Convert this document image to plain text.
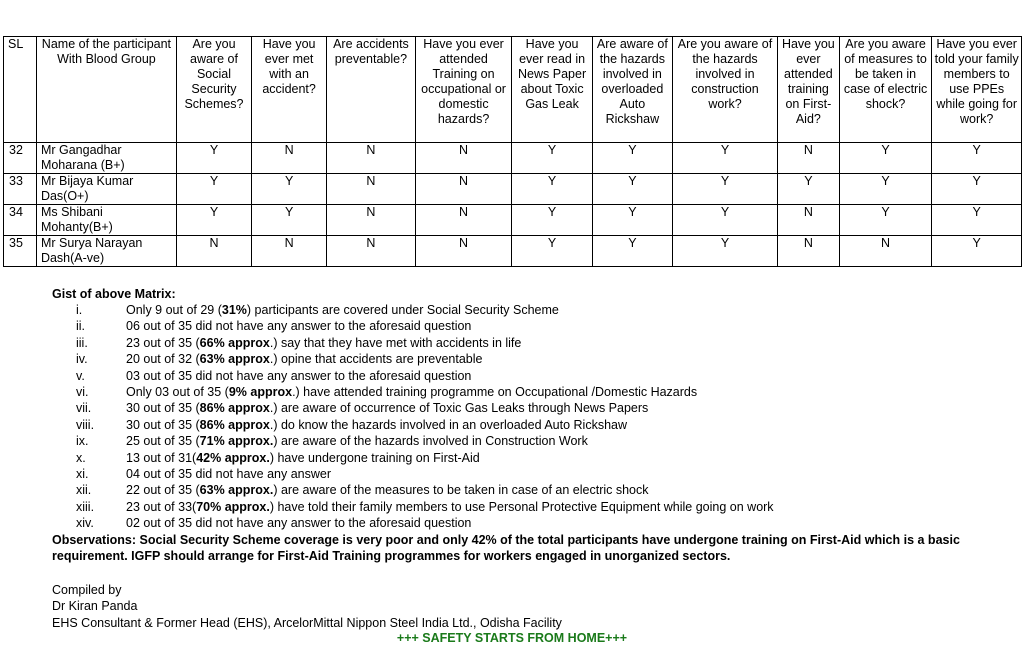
SL	Name of the participant With Blood Group	Are you aware of Social Security Schemes?	Have you ever met with an accident?	Are accidents preventable?	Have you ever attended Training on occupational or domestic hazards?	Have you ever read in News Paper about Toxic Gas Leak	Are aware of the hazards involved in overloaded Auto Rickshaw	Are you aware of the hazards involved in construction work?	Have you ever attended training on First-Aid?	Are you aware of measures to be taken in case of electric shock?	Have you ever told your family members to use PPEs while going for work?
32	Mr Gangadhar Moharana (B+)	Y	N	N	N	Y	Y	Y	N	Y	Y
33	Mr Bijaya Kumar Das(O+)	Y	Y	N	N	Y	Y	Y	Y	Y	Y
34	Ms Shibani Mohanty(B+)	Y	Y	N	N	Y	Y	Y	N	Y	Y
35	Mr Surya Narayan Dash(A-ve)	N	N	N	N	Y	Y	Y	N	N	Y
Gist of above Matrix:
i.	Only 9 out of 29 (31%) participants are covered under Social Security Scheme
ii.	06 out of 35 did not have any answer to the aforesaid question
iii.	23 out of 35 (66% approx.) say that they have met with accidents in life
iv.	20 out of 32 (63% approx.) opine that accidents are preventable
v.	03 out of 35 did not have any answer to the aforesaid question
vi.	Only 03 out of 35 (9% approx.) have attended training programme on Occupational /Domestic Hazards
vii.	30 out of 35 (86% approx.) are aware of occurrence of Toxic Gas Leaks through News Papers
viii.	30 out of 35 (86% approx.) do know the hazards involved in an overloaded Auto Rickshaw
ix.	25 out of 35 (71% approx.) are aware of the hazards involved in Construction Work
x.	13 out of 31(42% approx.) have undergone training on First-Aid
xi.	04 out of 35 did not have any answer
xii.	22 out of 35 (63% approx.) are aware of the measures to be taken in case of an electric shock
xiii.	23 out of 33(70% approx.) have told their family members to use Personal Protective Equipment while going on work
xiv.	02 out of 35 did not have any answer to the aforesaid question
Observations: Social Security Scheme coverage is very poor and only 42% of the total participants have undergone training on First-Aid which is a basic requirement. IGFP should arrange for First-Aid Training programmes for workers engaged in unorganized sectors.
Compiled by
Dr Kiran Panda
EHS Consultant & Former Head (EHS), ArcelorMittal Nippon Steel India Ltd., Odisha Facility
+++ SAFETY STARTS FROM HOME+++
